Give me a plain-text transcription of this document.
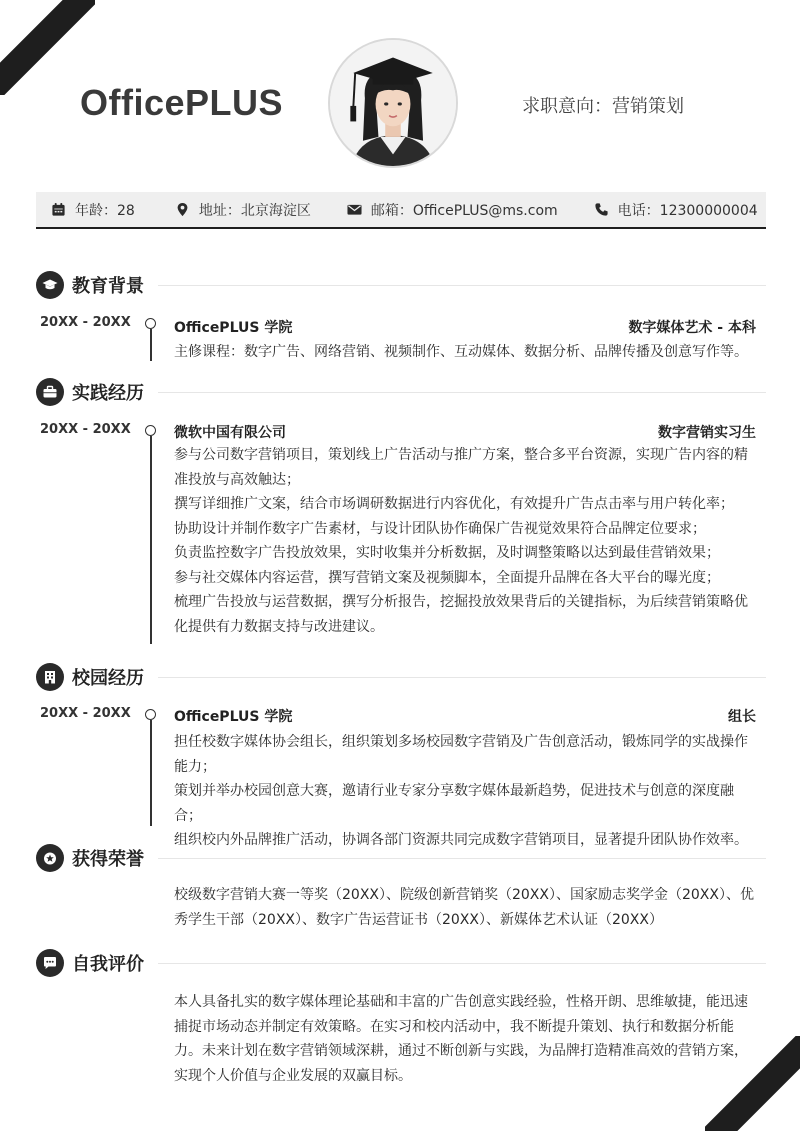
OfficePLUS	求职意向：营销策划
年龄：28	地址：北京海淀区	邮箱：OfficePLUS@ms.com	电话：12300000004
教育背景
20XX - 20XX	OfficePLUS 学院	数字媒体艺术 - 本科

主修课程：数字广告、网络营销、视频制作、互动媒体、数据分析、品牌传播及创意写作等。

实践经历
20XX - 20XX	微软中国有限公司	数字营销实习生

参与公司数字营销项目，策划线上广告活动与推广方案，整合多平台资源，实现广告内容的精准投放与高效触达；

撰写详细推广文案，结合市场调研数据进行内容优化，有效提升广告点击率与用户转化率；

协助设计并制作数字广告素材，与设计团队协作确保广告视觉效果符合品牌定位要求；

负责监控数字广告投放效果，实时收集并分析数据，及时调整策略以达到最佳营销效果；

参与社交媒体内容运营，撰写营销文案及视频脚本，全面提升品牌在各大平台的曝光度；

梳理广告投放与运营数据，撰写分析报告，挖掘投放效果背后的关键指标，为后续营销策略优化提供有力数据支持与改进建议。

校园经历
20XX - 20XX	OfficePLUS 学院	组长

担任校数字媒体协会组长，组织策划多场校园数字营销及广告创意活动，锻炼同学的实战操作能力；

策划并举办校园创意大赛，邀请行业专家分享数字媒体最新趋势，促进技术与创意的深度融合；

组织校内外品牌推广活动，协调各部门资源共同完成数字营销项目，显著提升团队协作效率。

获得荣誉

校级数字营销大赛一等奖（20XX）、院级创新营销奖（20XX）、国家励志奖学金（20XX）、优秀学生干部（20XX）、数字广告运营证书（20XX）、新媒体艺术认证（20XX）

自我评价

本人具备扎实的数字媒体理论基础和丰富的广告创意实践经验，性格开朗、思维敏捷，能迅速捕捉市场动态并制定有效策略。在实习和校内活动中，我不断提升策划、执行和数据分析能力。未来计划在数字营销领域深耕，通过不断创新与实践，为品牌打造精准高效的营销方案，实现个人价值与企业发展的双赢目标。
